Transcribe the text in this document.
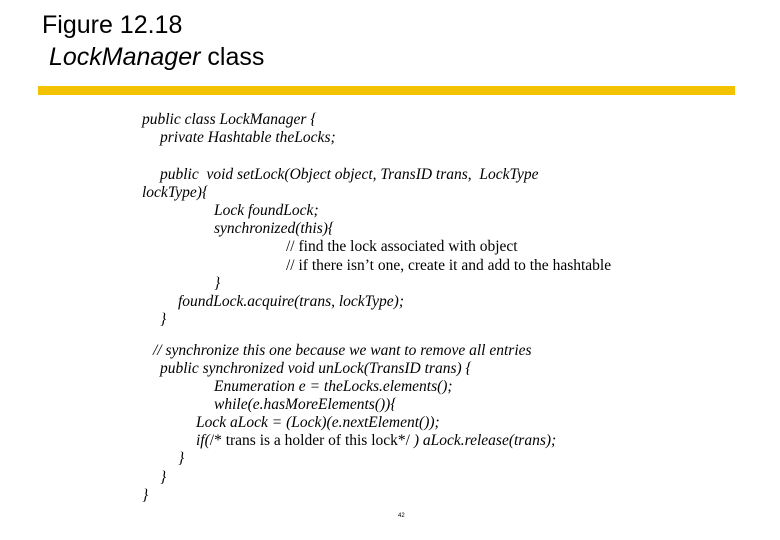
Figure 12.18
LockManager class
public class LockManager {
private Hashtable theLocks;
public  void setLock(Object object, TransID trans,  LockType
lockType){
Lock foundLock;
synchronized(this){
// find the lock associated with object
// if there isn’t one, create it and add to the hashtable
}
foundLock.acquire(trans, lockType);
}
// synchronize this one because we want to remove all entries
public synchronized void unLock(TransID trans) {
Enumeration e = theLocks.elements();
while(e.hasMoreElements()){
Lock aLock = (Lock)(e.nextElement());
if(/* trans is a holder of this lock*/ ) aLock.release(trans);
}
}
}
42
